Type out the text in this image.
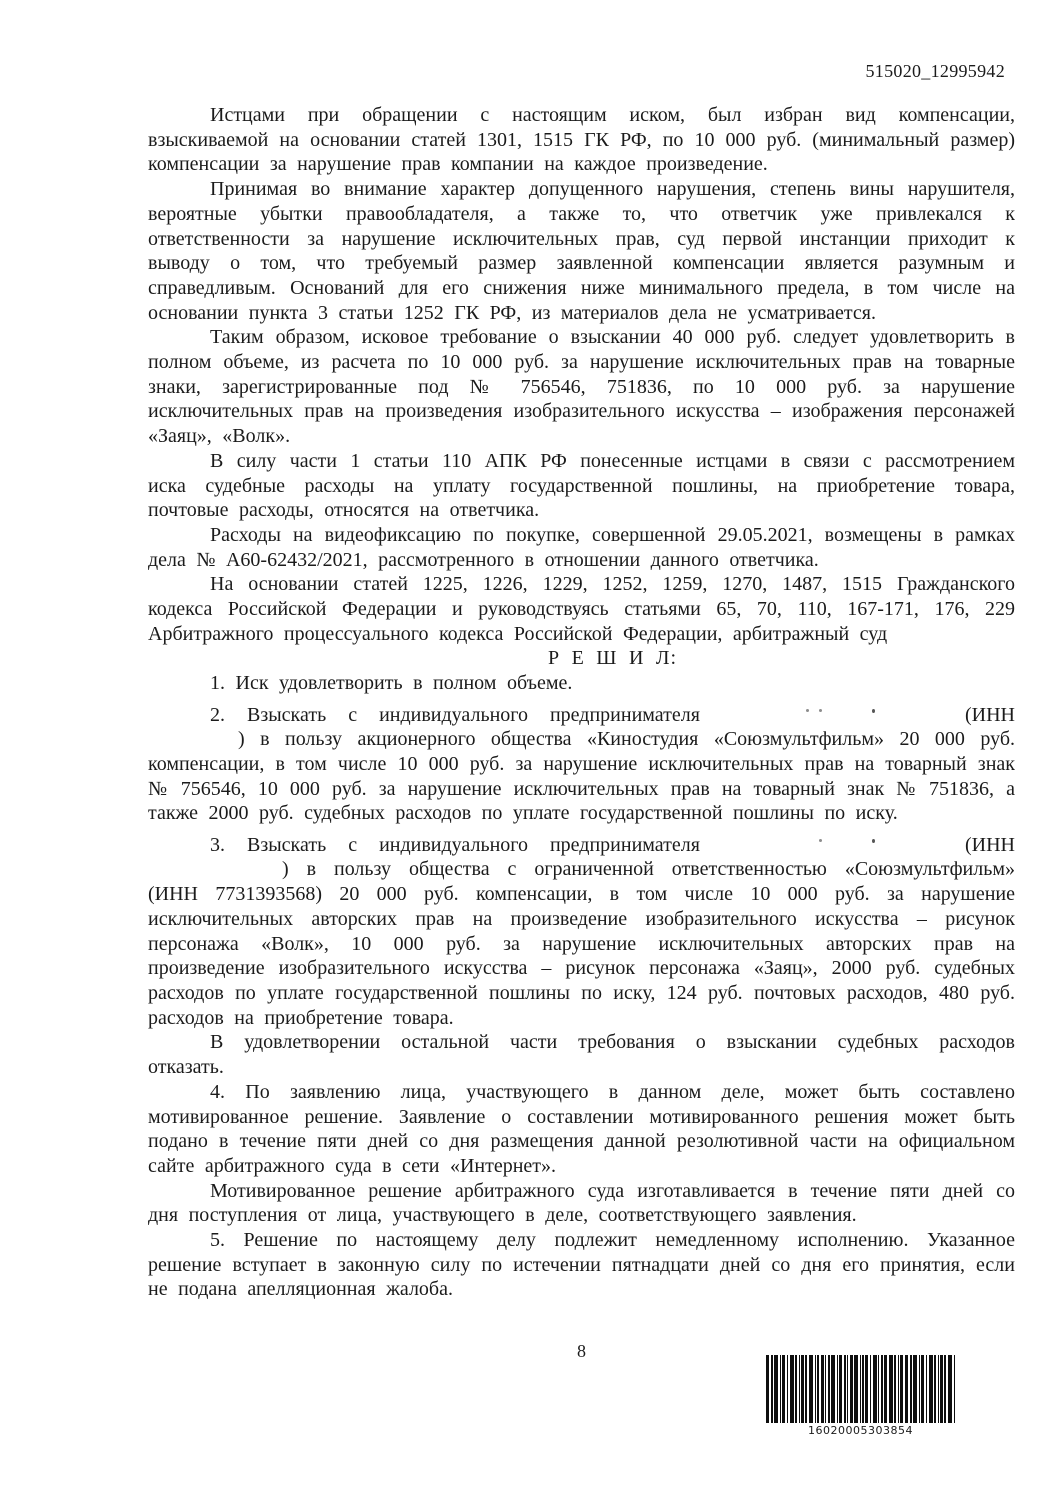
515020_12995942

Истцами при обращении с настоящим иском, был избран вид компенсации, взыскиваемой на основании статей 1301, 1515 ГК РФ, по 10 000 руб. (минимальный размер) компенсации за нарушение прав компании на каждое произведение.

Принимая во внимание характер допущенного нарушения, степень вины нарушителя, вероятные убытки правообладателя, а также то, что ответчик уже привлекался к ответственности за нарушение исключительных прав, суд первой инстанции приходит к выводу о том, что требуемый размер заявленной компенсации является разумным и справедливым. Оснований для его снижения ниже минимального предела, в том числе на основании пункта 3 статьи 1252 ГК РФ, из материалов дела не усматривается.

Таким образом, исковое требование о взыскании 40 000 руб. следует удовлетворить в полном объеме, из расчета по 10 000 руб. за нарушение исключительных прав на товарные знаки, зарегистрированные под № 756546, 751836, по 10 000 руб. за нарушение исключительных прав на произведения изобразительного искусства – изображения персонажей «Заяц», «Волк».

В силу части 1 статьи 110 АПК РФ понесенные истцами в связи с рассмотрением иска судебные расходы на уплату государственной пошлины, на приобретение товара, почтовые расходы, относятся на ответчика.

Расходы на видеофиксацию по покупке, совершенной 29.05.2021, возмещены в рамках дела № А60-62432/2021, рассмотренного в отношении данного ответчика.

На основании статей 1225, 1226, 1229, 1252, 1259, 1270, 1487, 1515 Гражданского кодекса Российской Федерации и руководствуясь статьями 65, 70, 110, 167-171, 176, 229 Арбитражного процессуального кодекса Российской Федерации, арбитражный суд

Р Е Ш И Л:

1. Иск удовлетворить в полном объеме.

2. Взыскать с индивидуального предпринимателя	(ИНН

) в пользу акционерного общества «Киностудия «Союзмультфильм» 20 000 руб. компенсации, в том числе 10 000 руб. за нарушение исключительных прав на товарный знак № 756546, 10 000 руб. за нарушение исключительных прав на товарный знак № 751836, а также 2000 руб. судебных расходов по уплате государственной пошлины по иску.

3. Взыскать с индивидуального предпринимателя	(ИНН

) в пользу общества с ограниченной ответственностью «Союзмультфильм» (ИНН 7731393568) 20 000 руб. компенсации, в том числе 10 000 руб. за нарушение исключительных авторских прав на произведение изобразительного искусства – рисунок персонажа «Волк», 10 000 руб. за нарушение исключительных авторских прав на произведение изобразительного искусства – рисунок персонажа «Заяц», 2000 руб. судебных расходов по уплате государственной пошлины по иску, 124 руб. почтовых расходов, 480 руб. расходов на приобретение товара.

В удовлетворении остальной части требования о взыскании судебных расходов отказать.

4. По заявлению лица, участвующего в данном деле, может быть составлено мотивированное решение. Заявление о составлении мотивированного решения может быть подано в течение пяти дней со дня размещения данной резолютивной части на официальном сайте арбитражного суда в сети «Интернет».

Мотивированное решение арбитражного суда изготавливается в течение пяти дней со дня поступления от лица, участвующего в деле, соответствующего заявления.

5. Решение по настоящему делу подлежит немедленному исполнению. Указанное решение вступает в законную силу по истечении пятнадцати дней со дня его принятия, если не подана апелляционная жалоба.

8
16020005303854
